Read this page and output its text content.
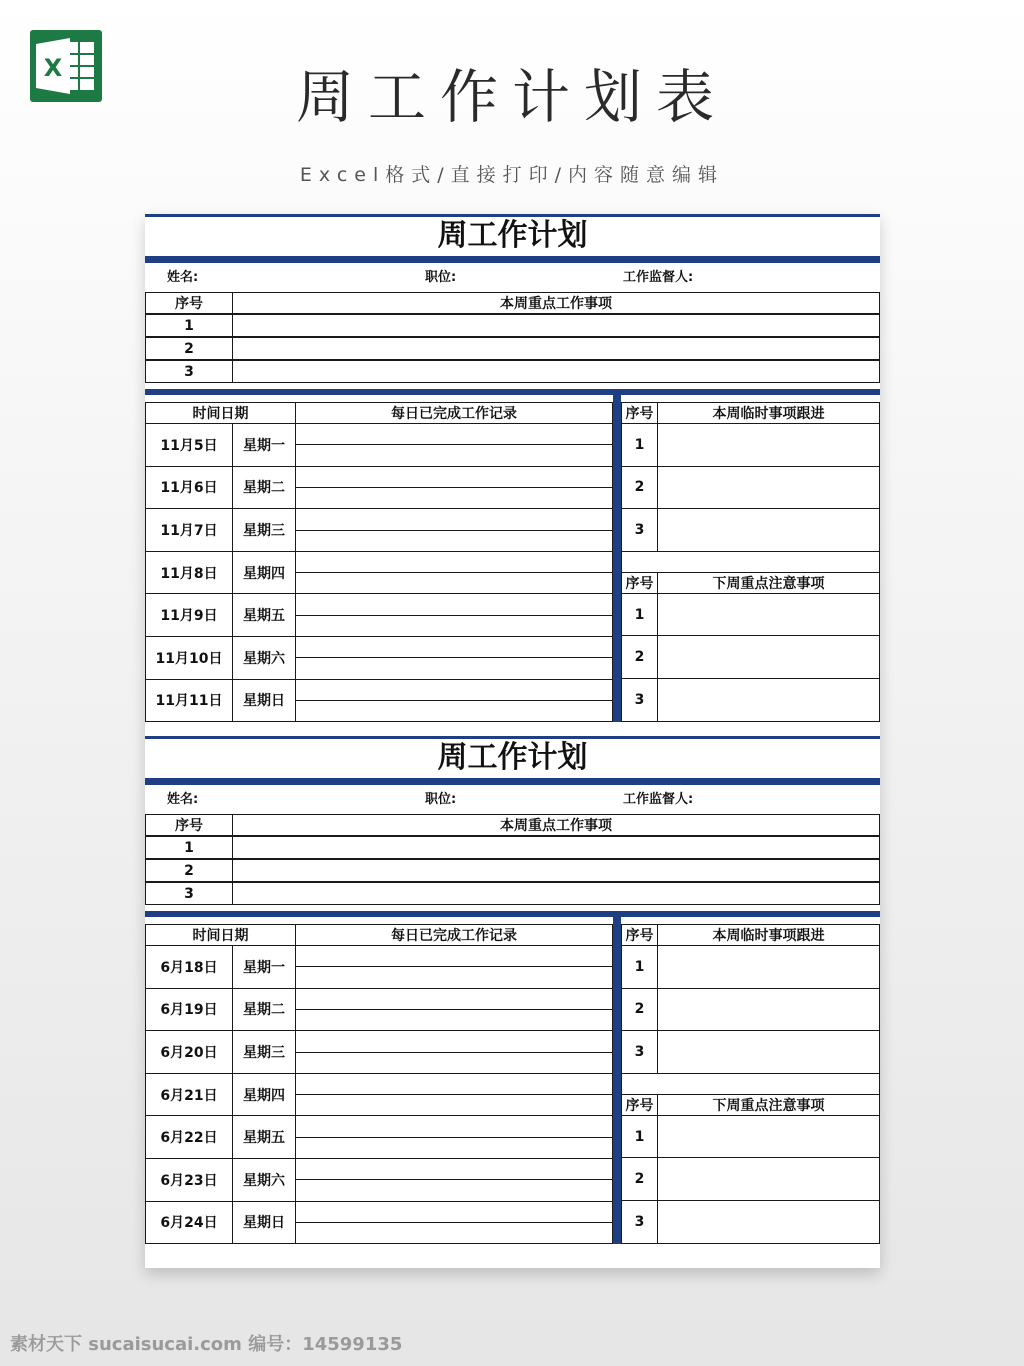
X	周工作计划表
Excel格式/直接打印/内容随意编辑
周工作计划
姓名:	职位:	工作监督人:
序号	本周重点工作事项
1
2
3
时间日期	每日已完成工作记录
11月5日	星期一
11月6日	星期二
11月7日	星期三
11月8日	星期四
11月9日	星期五
11月10日	星期六
11月11日	星期日
序号	本周临时事项跟进
1
2
3
序号	下周重点注意事项
1
2
3
周工作计划
姓名:	职位:	工作监督人:
序号	本周重点工作事项
1
2
3
时间日期	每日已完成工作记录
6月18日	星期一
6月19日	星期二
6月20日	星期三
6月21日	星期四
6月22日	星期五
6月23日	星期六
6月24日	星期日
序号	本周临时事项跟进
1
2
3
序号	下周重点注意事项
1
2
3
素材天下 sucaisucai.com 编号：14599135
